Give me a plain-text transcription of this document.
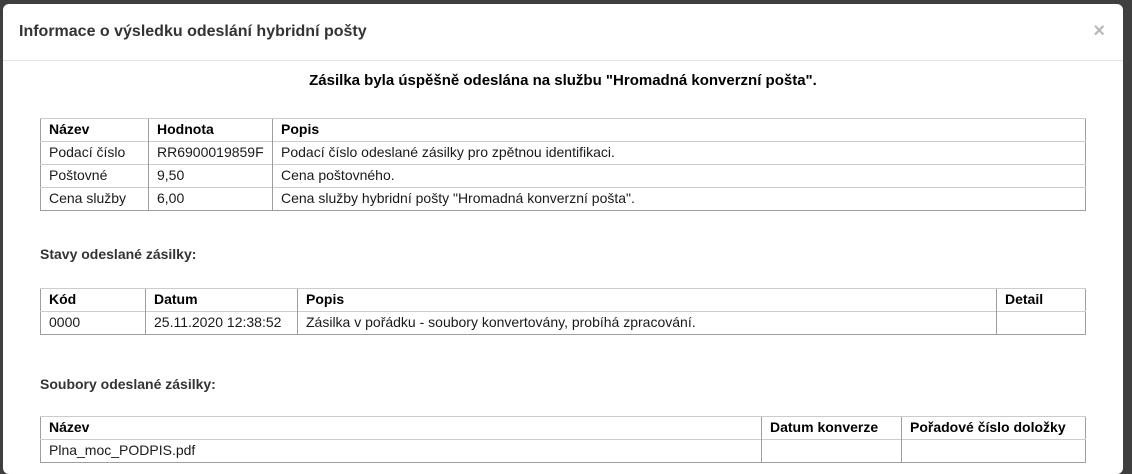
Informace o výsledku odeslání hybridní pošty	×
Zásilka byla úspěšně odeslána na službu "Hromadná konverzní pošta".
Název	Hodnota	Popis
Podací číslo	RR6900019859F	Podací číslo odeslané zásilky pro zpětnou identifikaci.
Poštovné	9,50	Cena poštovného.
Cena služby	6,00	Cena služby hybridní pošty "Hromadná konverzní pošta".
Stavy odeslané zásilky:
Kód	Datum	Popis	Detail
0000	25.11.2020 12:38:52	Zásilka v pořádku - soubory konvertovány, probíhá zpracování.	
Soubory odeslané zásilky:
Název	Datum konverze	Pořadové číslo doložky
Plna_moc_PODPIS.pdf		
